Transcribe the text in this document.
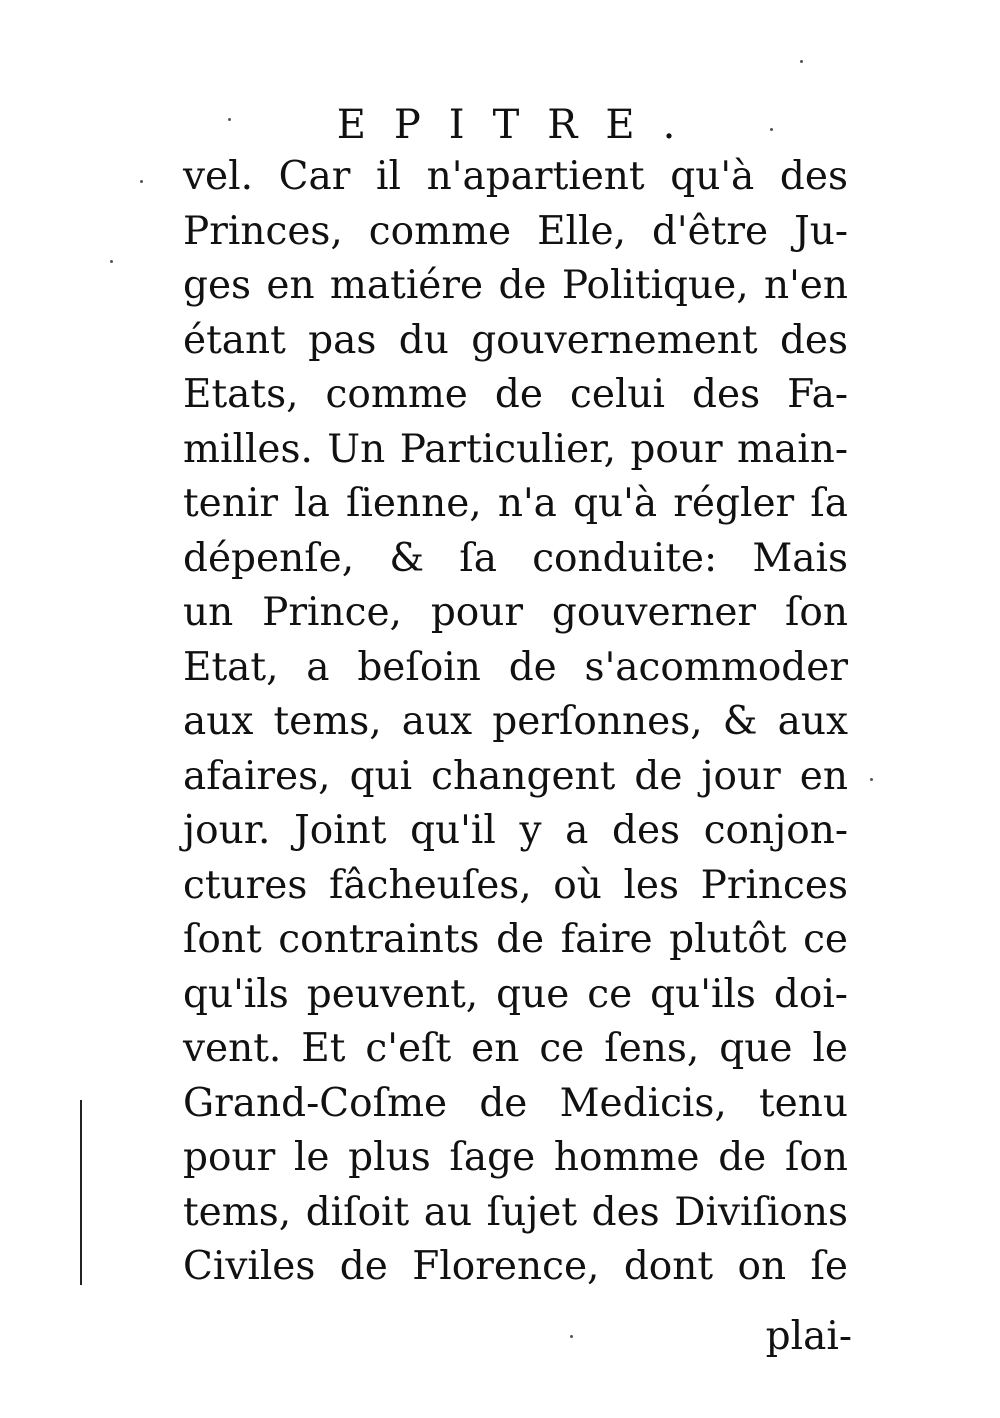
EPITRE.
vel. Car il n'apartient qu'à des
Princes, comme Elle, d'être Ju-
ges en matiére de Politique, n'en
étant pas du gouvernement des
Etats, comme de celui des Fa-
milles. Un Particulier, pour main-
tenir la ſienne, n'a qu'à régler ſa
dépenſe, & ſa conduite: Mais
un Prince, pour gouverner ſon
Etat, a beſoin de s'acommoder
aux tems, aux perſonnes, & aux
afaires, qui changent de jour en
jour. Joint qu'il y a des conjon-
ctures fâcheuſes, où les Princes
ſont contraints de faire plutôt ce
qu'ils peuvent, que ce qu'ils doi-
vent. Et c'eſt en ce ſens, que le
Grand-Coſme de Medicis, tenu
pour le plus ſage homme de ſon
tems, diſoit au ſujet des Diviſions
Civiles de Florence, dont on ſe
plai-
